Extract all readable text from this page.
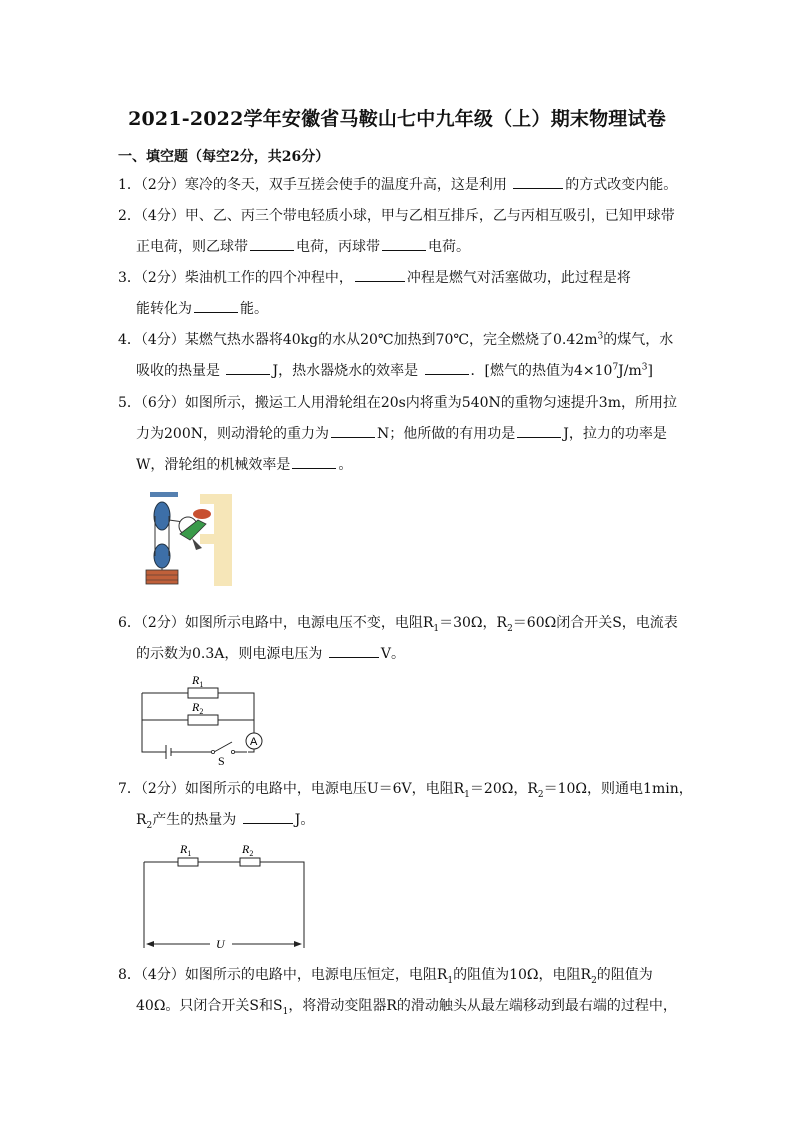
2021-2022学年安徽省马鞍山七中九年级（上）期末物理试卷
一、填空题（每空2分，共26分）
1．（2分）寒冷的冬天，双手互搓会使手的温度升高，这是利用	的方式改变内能。
2．（4分）甲、乙、丙三个带电轻质小球，甲与乙相互排斥，乙与丙相互吸引，已知甲球带
正电荷，则乙球带	电荷，丙球带	电荷。
3．（2分）柴油机工作的四个冲程中，	冲程是燃气对活塞做功，此过程是将
能转化为	能。
4．（4分）某燃气热水器将40kg的水从20℃加热到70℃，完全燃烧了$0.42m^3$的煤气，水
吸收的热量是	J，热水器烧水的效率是	．[燃气的热值为$4\times 10^7J/m^3$]
5．（6分）如图所示，搬运工人用滑轮组在20s内将重为540N的重物匀速提升3m，所用拉
力为200N，则动滑轮的重力为	N；他所做的有用功是	J，拉力的功率是
W，滑轮组的机械效率是	。
6．（2分）如图所示电路中，电源电压不变，电阻$R_1=30\Omega$，$R_2=60\Omega$闭合开关S，电流表
的示数为0.3A，则电源电压为	V。
$R_1$
$R_2$
A
S
7．（2分）如图所示的电路中，电源电压U＝6V，电阻$R_1=20\Omega$，$R_2=10\Omega$，则通电1min，
$R_2$产生的热量为	J。
$R_1$	$R_2$
U
8．（4分）如图所示的电路中，电源电压恒定，电阻$R_1$的阻值为10Ω，电阻$R_2$的阻值为
40Ω。只闭合开关S和$S_1$，将滑动变阻器R的滑动触头从最左端移动到最右端的过程中，
